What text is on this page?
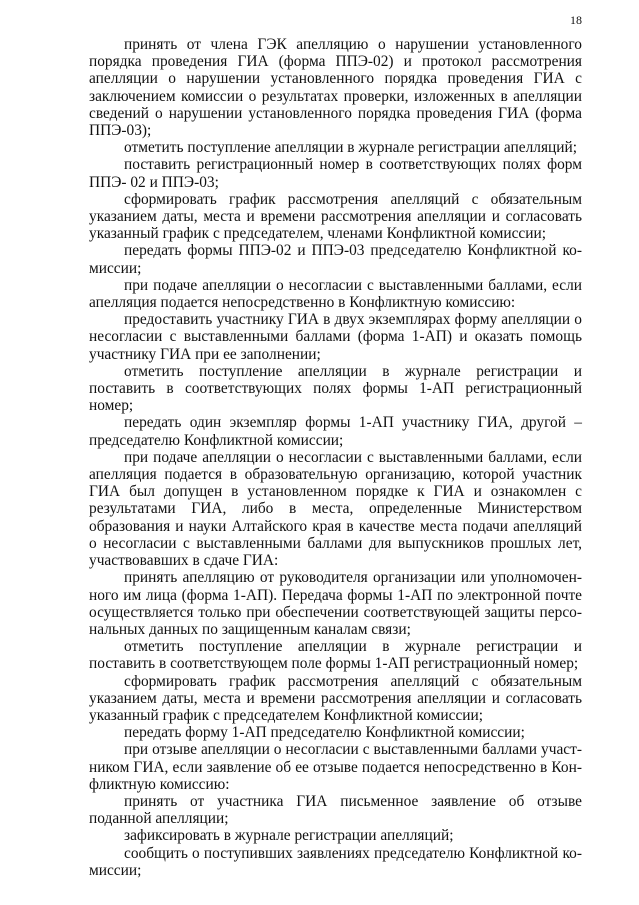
18

принять от члена ГЭК апелляцию о нарушении установленного порядка проведения ГИА (форма ППЭ-02) и протокол рассмотрения апелляции о нарушении установленного порядка проведения ГИА с заключением комиссии о результатах проверки, изложенных в апелляции сведений о нарушении установленного порядка проведения ГИА (форма ППЭ-03);

отметить поступление апелляции в журнале регистрации апелляций;

поставить регистрационный номер в соответствующих полях форм ППЭ- 02 и ППЭ-03;

сформировать график рассмотрения апелляций с обязательным указанием даты, места и времени рассмотрения апелляции и согласовать указанный график с председателем, членами Конфликтной комиссии;

передать формы ППЭ-02 и ППЭ-03 председателю Конфликтной комиссии;

при подаче апелляции о несогласии с выставленными баллами, если апелляция подается непосредственно в Конфликтную комиссию:

предоставить участнику ГИА в двух экземплярах форму апелляции о несогласии с выставленными баллами (форма 1-АП) и оказать помощь участнику ГИА при ее заполнении;

отметить поступление апелляции в журнале регистрации и поставить в соответствующих полях формы 1-АП регистрационный номер;

передать один экземпляр формы 1-АП участнику ГИА, другой – председателю Конфликтной комиссии;

при подаче апелляции о несогласии с выставленными баллами, если апелляция подается в образовательную организацию, которой участник ГИА был допущен в установленном порядке к ГИА и ознакомлен с результатами ГИА, либо в места, определенные Министерством образования и науки Алтайского края в качестве места подачи апелляций о несогласии с выставленными баллами для выпускников прошлых лет, участвовавших в сдаче ГИА:

принять апелляцию от руководителя организации или уполномоченного им лица (форма 1-АП). Передача формы 1-АП по электронной почте осуществляется только при обеспечении соответствующей защиты персональных данных по защищенным каналам связи;

отметить поступление апелляции в журнале регистрации и поставить в соответствующем поле формы 1-АП регистрационный номер;

сформировать график рассмотрения апелляций с обязательным указанием даты, места и времени рассмотрения апелляции и согласовать указанный график с председателем Конфликтной комиссии;

передать форму 1-АП председателю Конфликтной комиссии;

при отзыве апелляции о несогласии с выставленными баллами участником ГИА, если заявление об ее отзыве подается непосредственно в Конфликтную комиссию:

принять от участника ГИА письменное заявление об отзыве поданной апелляции;

зафиксировать в журнале регистрации апелляций;

сообщить о поступивших заявлениях председателю Конфликтной комиссии;
